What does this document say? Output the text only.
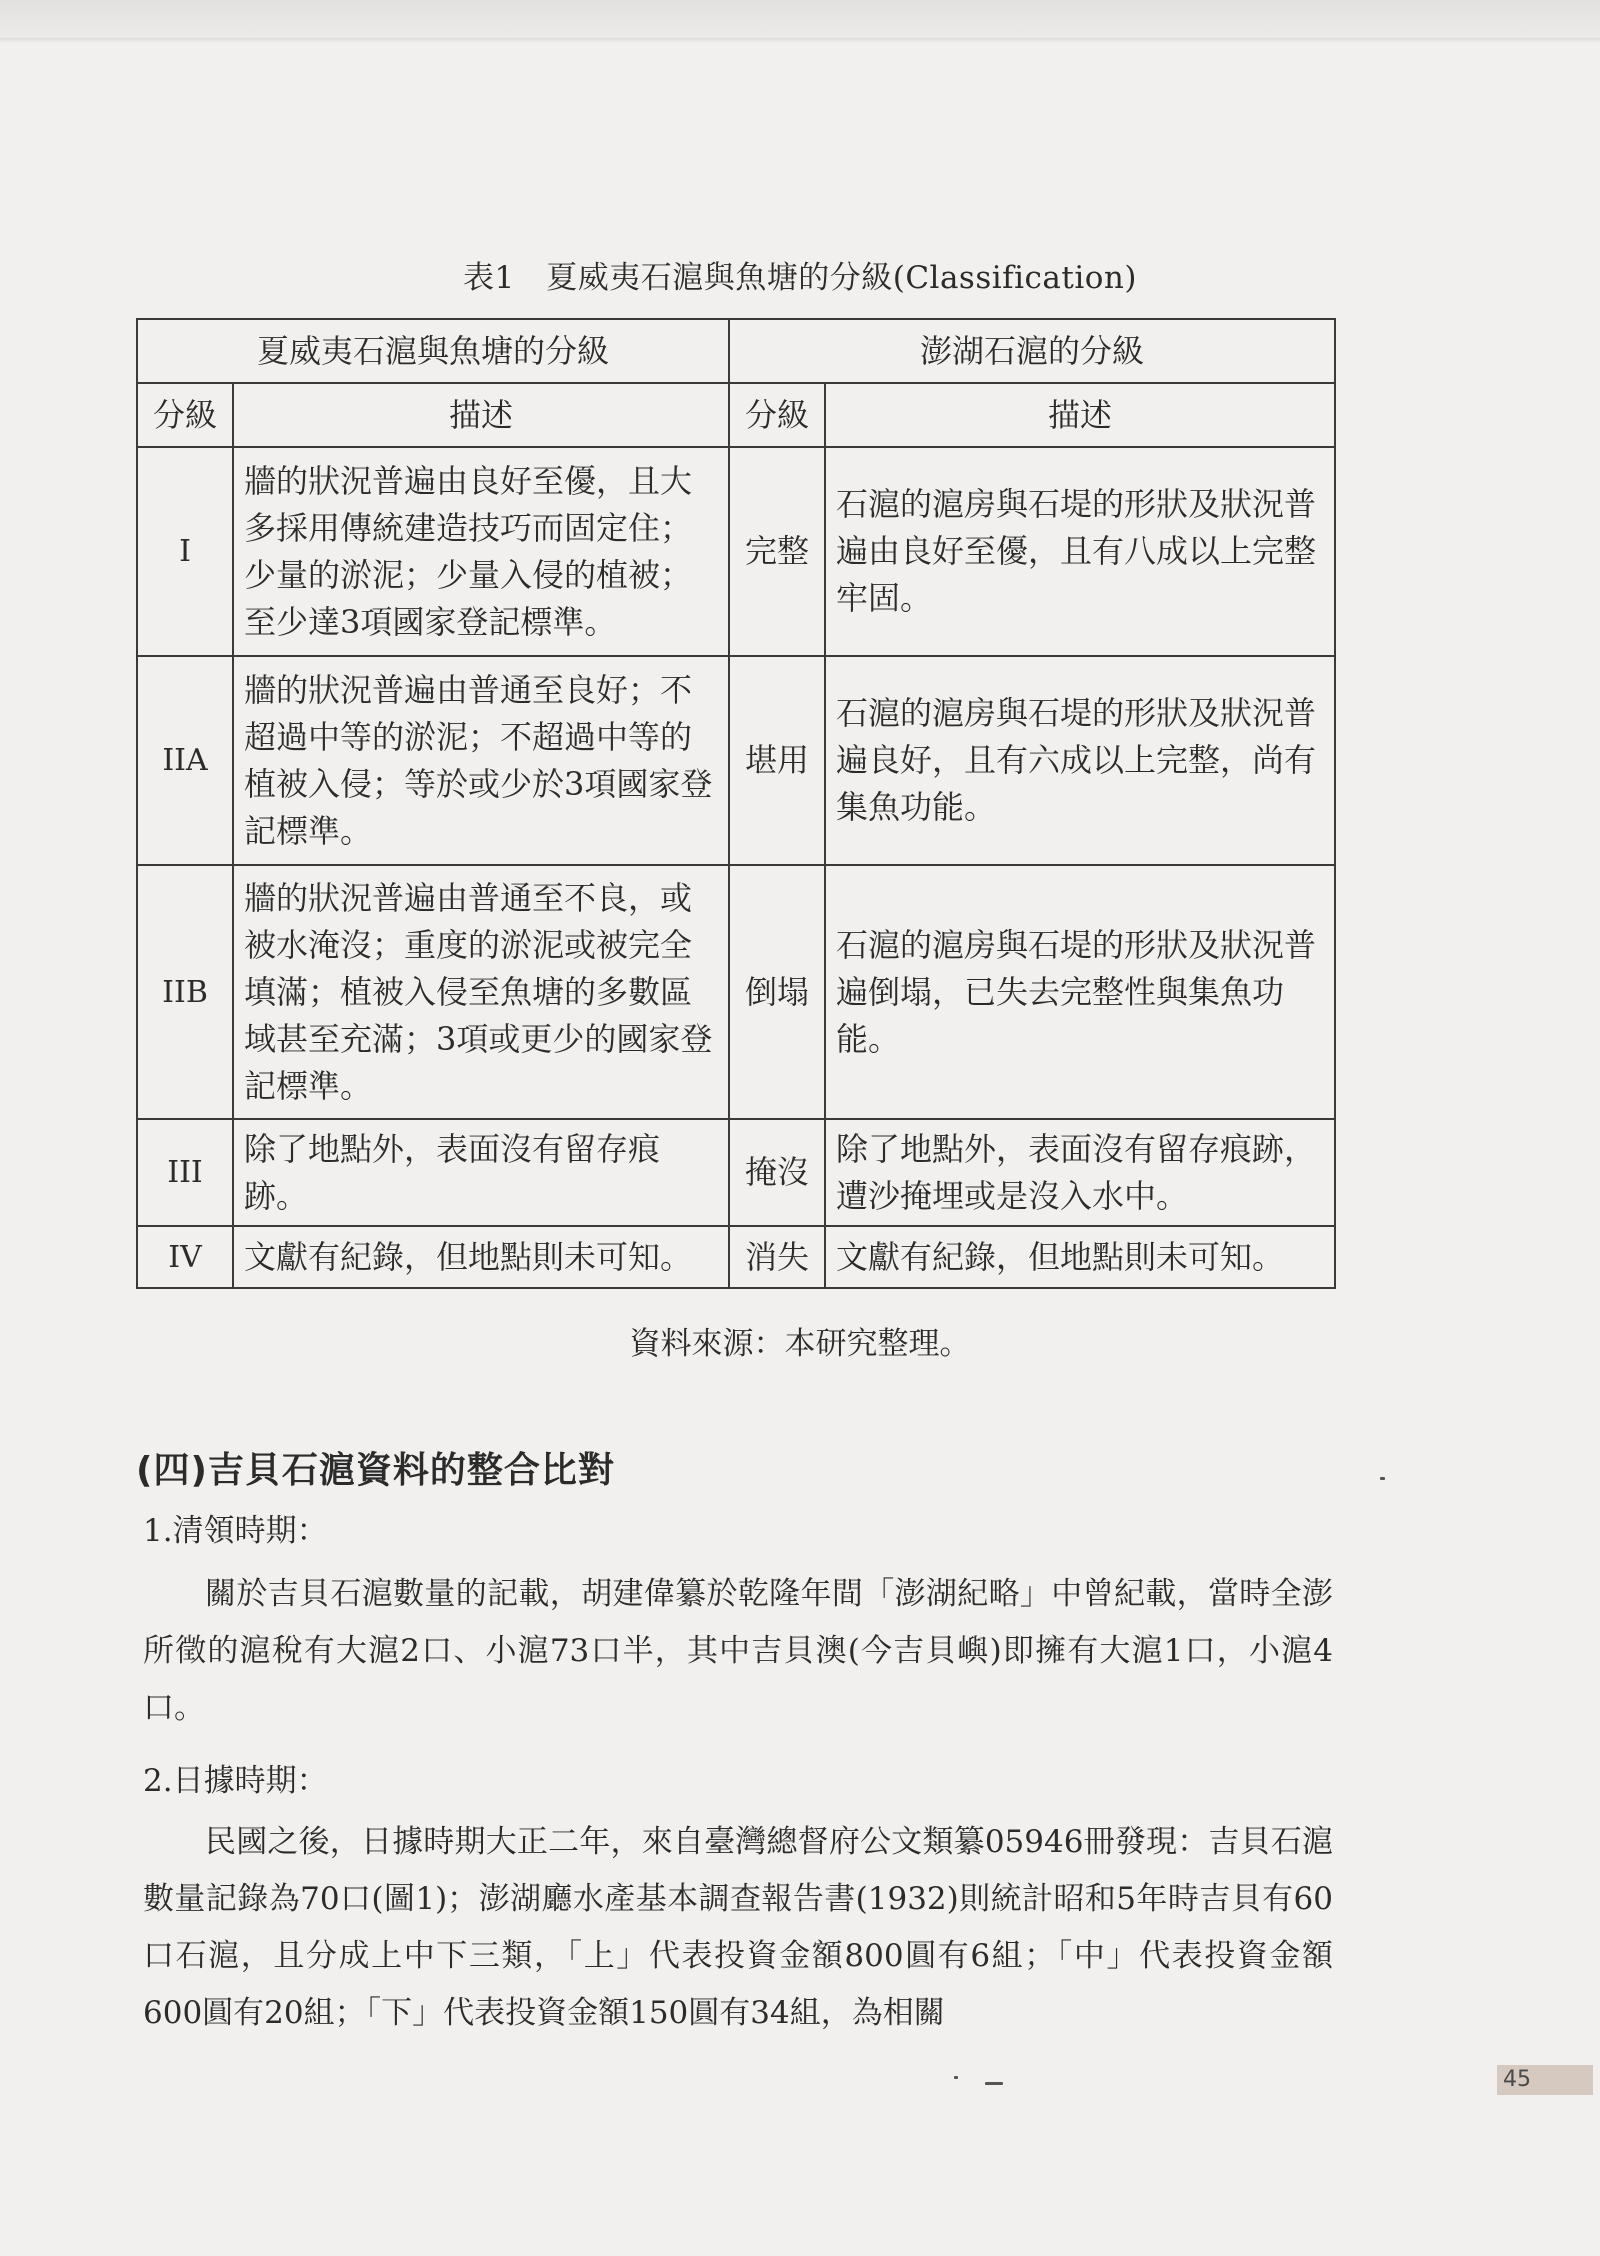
表1　夏威夷石滬與魚塘的分級(Classification)
夏威夷石滬與魚塘的分級		澎湖石滬的分級	
分級	描述	分級	描述
I	牆的狀況普遍由良好至優，且大多採用傳統建造技巧而固定住；少量的淤泥；少量入侵的植被；至少達3項國家登記標準。	完整	石滬的滬房與石堤的形狀及狀況普遍由良好至優，且有八成以上完整牢固。
IIA	牆的狀況普遍由普通至良好；不超過中等的淤泥；不超過中等的植被入侵；等於或少於3項國家登記標準。	堪用	石滬的滬房與石堤的形狀及狀況普遍良好，且有六成以上完整，尚有集魚功能。
IIB	牆的狀況普遍由普通至不良，或被水淹沒；重度的淤泥或被完全填滿；植被入侵至魚塘的多數區域甚至充滿；3項或更少的國家登記標準。	倒塌	石滬的滬房與石堤的形狀及狀況普遍倒塌，已失去完整性與集魚功能。
III	除了地點外，表面沒有留存痕跡。	掩沒	除了地點外，表面沒有留存痕跡，遭沙掩埋或是沒入水中。
IV	文獻有紀錄，但地點則未可知。	消失	文獻有紀錄，但地點則未可知。
資料來源：本研究整理。
(四)吉貝石滬資料的整合比對
1.清領時期：
關於吉貝石滬數量的記載，胡建偉纂於乾隆年間「澎湖紀略」中曾紀載，當時全澎所徵的滬稅有大滬2口、小滬73口半，其中吉貝澳(今吉貝嶼)即擁有大滬1口，小滬4口。
2.日據時期：
民國之後，日據時期大正二年，來自臺灣總督府公文類纂05946冊發現：吉貝石滬數量記錄為70口(圖1)；澎湖廳水產基本調查報告書(1932)則統計昭和5年時吉貝有60口石滬，且分成上中下三類，「上」代表投資金額800圓有6組；「中」代表投資金額600圓有20組；「下」代表投資金額150圓有34組，為相關
45
